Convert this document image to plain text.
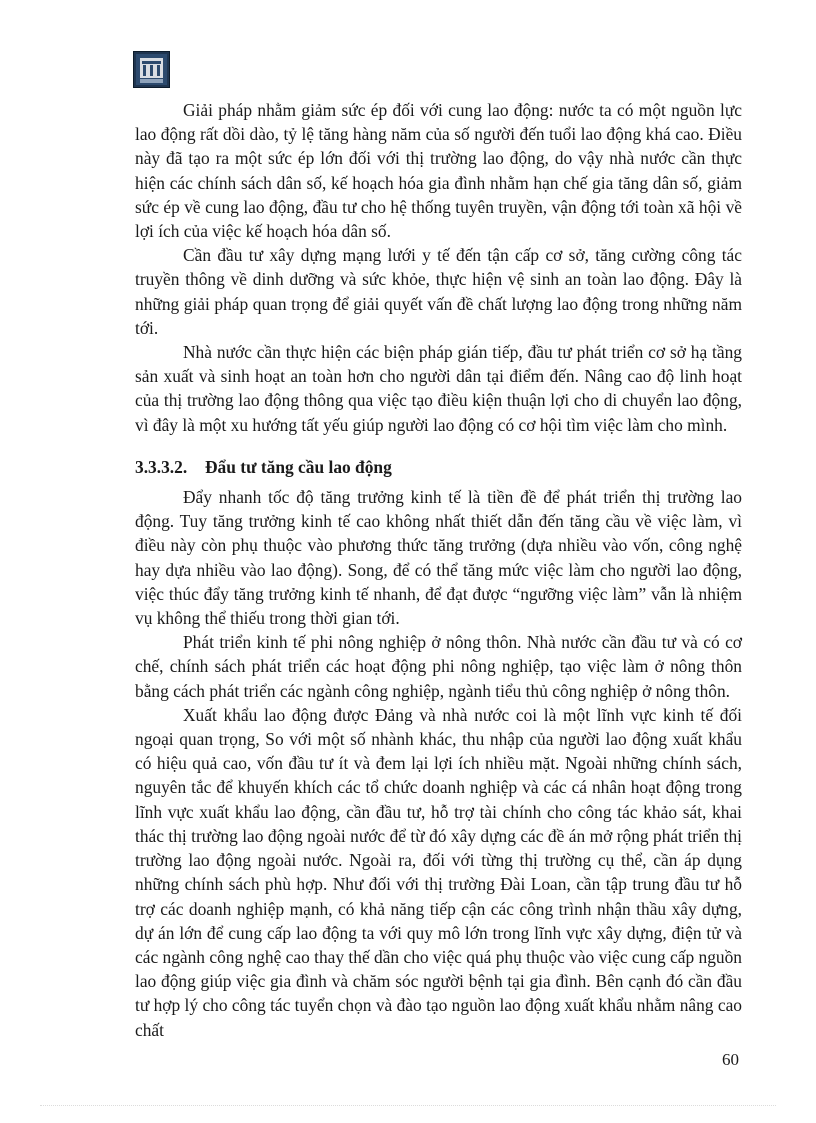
Giải pháp nhằm giảm sức ép đối với cung lao động: nước ta có một nguồn lực lao động rất dồi dào, tỷ lệ tăng hàng năm của số người đến tuổi lao động khá cao. Điều này đã tạo ra một sức ép lớn đối với thị trường lao động, do vậy nhà nước cần thực hiện các chính sách dân số, kế hoạch hóa gia đình nhằm hạn chế gia tăng dân số, giảm sức ép về cung lao động, đầu tư cho hệ thống tuyên truyền, vận động tới toàn xã hội về lợi ích của việc kế hoạch hóa dân số.

Cần đầu tư xây dựng mạng lưới y tế đến tận cấp cơ sở, tăng cường công tác truyền thông về dinh dưỡng và sức khỏe, thực hiện vệ sinh an toàn lao động. Đây là những giải pháp quan trọng để giải quyết vấn đề chất lượng lao động trong những năm tới.

Nhà nước cần thực hiện các biện pháp gián tiếp, đầu tư phát triển cơ sở hạ tầng sản xuất và sinh hoạt an toàn hơn cho người dân tại điểm đến. Nâng cao độ linh hoạt của thị trường lao động thông qua việc tạo điều kiện thuận lợi cho di chuyển lao động, vì đây là một xu hướng tất yếu giúp người lao động có cơ hội tìm việc làm cho mình.

3.3.3.2. Đẩu tư tăng cầu lao động

Đẩy nhanh tốc độ tăng trưởng kinh tế là tiền đề để phát triển thị trường lao động. Tuy tăng trưởng kinh tế cao không nhất thiết dẫn đến tăng cầu về việc làm, vì điều này còn phụ thuộc vào phương thức tăng trưởng (dựa nhiều vào vốn, công nghệ hay dựa nhiều vào lao động). Song, để có thể tăng mức việc làm cho người lao động, việc thúc đẩy tăng trưởng kinh tế nhanh, để đạt được “ngưỡng việc làm” vẫn là nhiệm vụ không thể thiếu trong thời gian tới.

Phát triển kinh tế phi nông nghiệp ở nông thôn. Nhà nước cần đầu tư và có cơ chế, chính sách phát triển các hoạt động phi nông nghiệp, tạo việc làm ở nông thôn bằng cách phát triển các ngành công nghiệp, ngành tiểu thủ công nghiệp ở nông thôn.

Xuất khẩu lao động được Đảng và nhà nước coi là một lĩnh vực kinh tế đối ngoại quan trọng, So với một số nhành khác, thu nhập của người lao động xuất khẩu có hiệu quả cao, vốn đầu tư ít và đem lại lợi ích nhiều mặt. Ngoài những chính sách, nguyên tắc để khuyến khích các tổ chức doanh nghiệp và các cá nhân hoạt động trong lĩnh vực xuất khẩu lao động, cần đầu tư, hỗ trợ tài chính cho công tác khảo sát, khai thác thị trường lao động ngoài nước để từ đó xây dựng các đề án mở rộng phát triển thị trường lao động ngoài nước. Ngoài ra, đối với từng thị trường cụ thể, cần áp dụng những chính sách phù hợp. Như đối với thị trường Đài Loan, cần tập trung đầu tư hỗ trợ các doanh nghiệp mạnh, có khả năng tiếp cận các công trình nhận thầu xây dựng, dự án lớn để cung cấp lao động ta với quy mô lớn trong lĩnh vực xây dựng, điện tử và các ngành công nghệ cao thay thế dần cho việc quá phụ thuộc vào việc cung cấp nguồn lao động giúp việc gia đình và chăm sóc người bệnh tại gia đình. Bên cạnh đó cần đầu tư hợp lý cho công tác tuyển chọn và đào tạo nguồn lao động xuất khẩu nhằm nâng cao chất

60
